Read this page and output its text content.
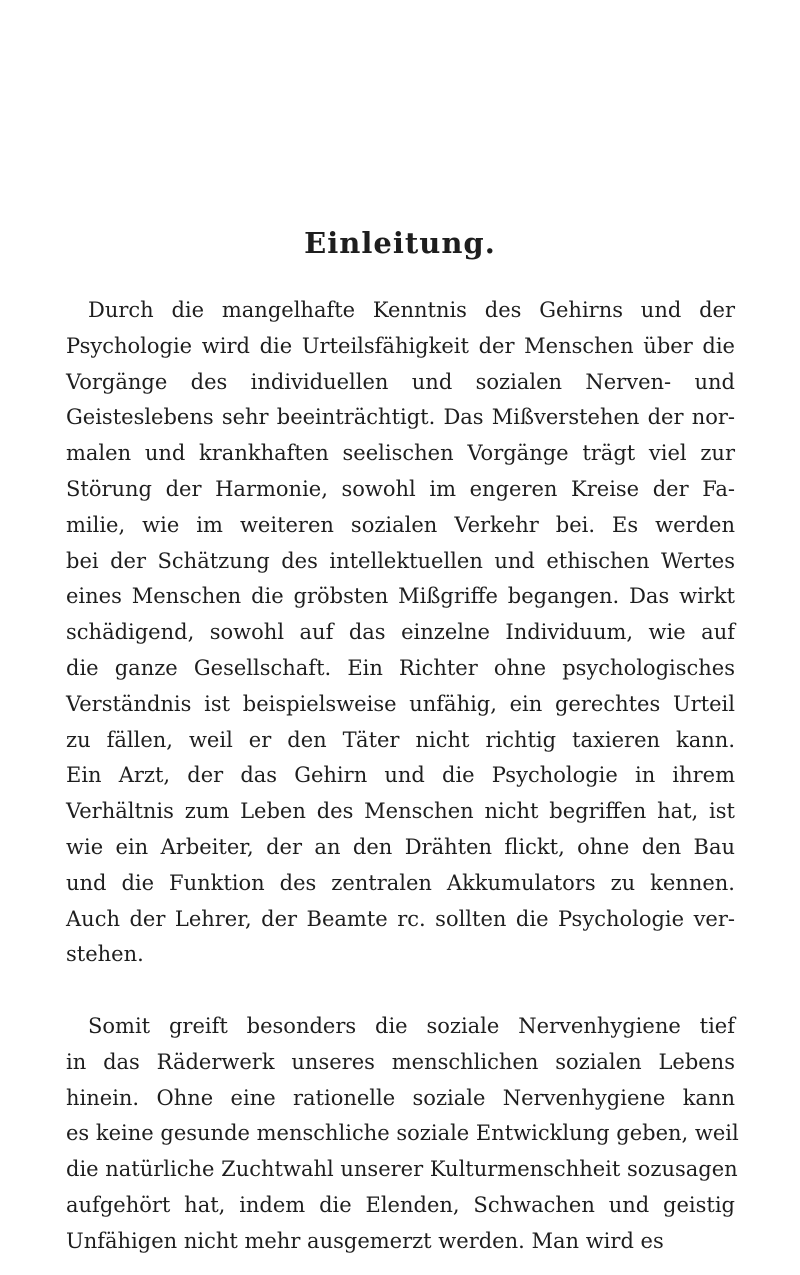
Einleitung.
Durch die mangelhafte Kenntnis des Gehirns und der
Psychologie wird die Urteilsfähigkeit der Menschen über die
Vorgänge des individuellen und sozialen Nerven- und
Geisteslebens sehr beeinträchtigt. Das Mißverstehen der nor-
malen und krankhaften seelischen Vorgänge trägt viel zur
Störung der Harmonie, sowohl im engeren Kreise der Fa-
milie, wie im weiteren sozialen Verkehr bei. Es werden
bei der Schätzung des intellektuellen und ethischen Wertes
eines Menschen die gröbsten Mißgriffe begangen. Das wirkt
schädigend, sowohl auf das einzelne Individuum, wie auf
die ganze Gesellschaft. Ein Richter ohne psychologisches
Verständnis ist beispielsweise unfähig, ein gerechtes Urteil
zu fällen, weil er den Täter nicht richtig taxieren kann.
Ein Arzt, der das Gehirn und die Psychologie in ihrem
Verhältnis zum Leben des Menschen nicht begriffen hat, ist
wie ein Arbeiter, der an den Drähten flickt, ohne den Bau
und die Funktion des zentralen Akkumulators zu kennen.
Auch der Lehrer, der Beamte rc. sollten die Psychologie ver-
stehen.
Somit greift besonders die soziale Nervenhygiene tief
in das Räderwerk unseres menschlichen sozialen Lebens
hinein. Ohne eine rationelle soziale Nervenhygiene kann
es keine gesunde menschliche soziale Entwicklung geben, weil
die natürliche Zuchtwahl unserer Kulturmenschheit sozusagen
aufgehört hat, indem die Elenden, Schwachen und geistig
Unfähigen nicht mehr ausgemerzt werden. Man wird es
